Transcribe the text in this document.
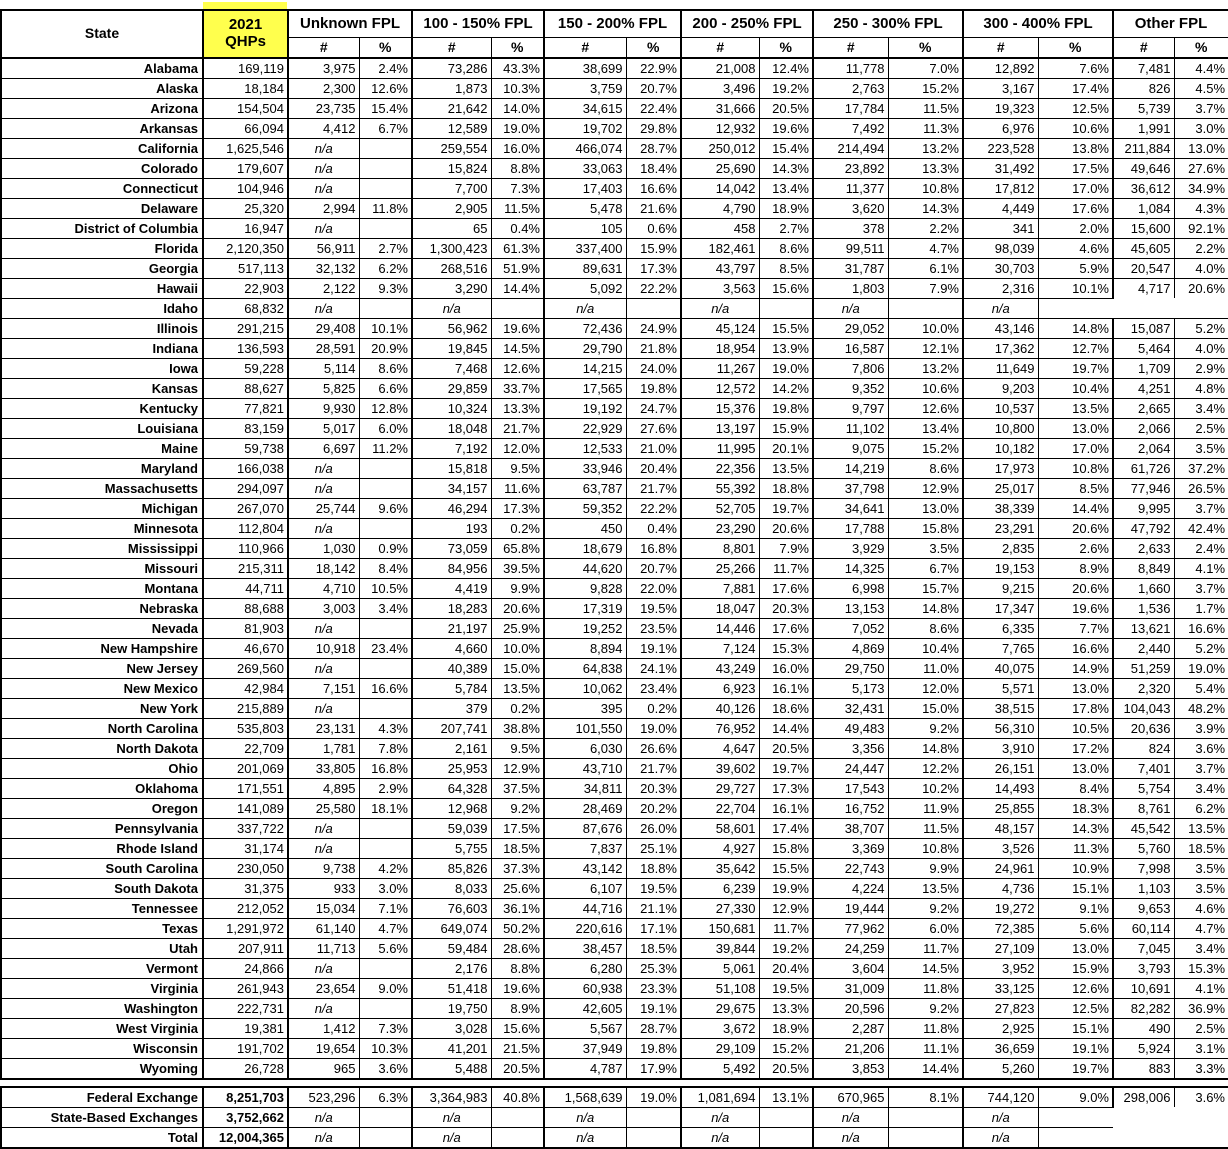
State	2021
QHPs	Unknown FPL		100 - 150% FPL		150 - 200% FPL		200 - 250% FPL		250 - 300% FPL		300 - 400% FPL		Other FPL	
		#	%	#	%	#	%	#	%	#	%	#	%	#	%
Alabama	169,119	3,975	2.4%	73,286	43.3%	38,699	22.9%	21,008	12.4%	11,778	7.0%	12,892	7.6%	7,481	4.4%
Alaska	18,184	2,300	12.6%	1,873	10.3%	3,759	20.7%	3,496	19.2%	2,763	15.2%	3,167	17.4%	826	4.5%
Arizona	154,504	23,735	15.4%	21,642	14.0%	34,615	22.4%	31,666	20.5%	17,784	11.5%	19,323	12.5%	5,739	3.7%
Arkansas	66,094	4,412	6.7%	12,589	19.0%	19,702	29.8%	12,932	19.6%	7,492	11.3%	6,976	10.6%	1,991	3.0%
California	1,625,546	n/a		259,554	16.0%	466,074	28.7%	250,012	15.4%	214,494	13.2%	223,528	13.8%	211,884	13.0%
Colorado	179,607	n/a		15,824	8.8%	33,063	18.4%	25,690	14.3%	23,892	13.3%	31,492	17.5%	49,646	27.6%
Connecticut	104,946	n/a		7,700	7.3%	17,403	16.6%	14,042	13.4%	11,377	10.8%	17,812	17.0%	36,612	34.9%
Delaware	25,320	2,994	11.8%	2,905	11.5%	5,478	21.6%	4,790	18.9%	3,620	14.3%	4,449	17.6%	1,084	4.3%
District of Columbia	16,947	n/a		65	0.4%	105	0.6%	458	2.7%	378	2.2%	341	2.0%	15,600	92.1%
Florida	2,120,350	56,911	2.7%	1,300,423	61.3%	337,400	15.9%	182,461	8.6%	99,511	4.7%	98,039	4.6%	45,605	2.2%
Georgia	517,113	32,132	6.2%	268,516	51.9%	89,631	17.3%	43,797	8.5%	31,787	6.1%	30,703	5.9%	20,547	4.0%
Hawaii	22,903	2,122	9.3%	3,290	14.4%	5,092	22.2%	3,563	15.6%	1,803	7.9%	2,316	10.1%	4,717	20.6%
Idaho	68,832	n/a		n/a		n/a		n/a		n/a		n/a			
Illinois	291,215	29,408	10.1%	56,962	19.6%	72,436	24.9%	45,124	15.5%	29,052	10.0%	43,146	14.8%	15,087	5.2%
Indiana	136,593	28,591	20.9%	19,845	14.5%	29,790	21.8%	18,954	13.9%	16,587	12.1%	17,362	12.7%	5,464	4.0%
Iowa	59,228	5,114	8.6%	7,468	12.6%	14,215	24.0%	11,267	19.0%	7,806	13.2%	11,649	19.7%	1,709	2.9%
Kansas	88,627	5,825	6.6%	29,859	33.7%	17,565	19.8%	12,572	14.2%	9,352	10.6%	9,203	10.4%	4,251	4.8%
Kentucky	77,821	9,930	12.8%	10,324	13.3%	19,192	24.7%	15,376	19.8%	9,797	12.6%	10,537	13.5%	2,665	3.4%
Louisiana	83,159	5,017	6.0%	18,048	21.7%	22,929	27.6%	13,197	15.9%	11,102	13.4%	10,800	13.0%	2,066	2.5%
Maine	59,738	6,697	11.2%	7,192	12.0%	12,533	21.0%	11,995	20.1%	9,075	15.2%	10,182	17.0%	2,064	3.5%
Maryland	166,038	n/a		15,818	9.5%	33,946	20.4%	22,356	13.5%	14,219	8.6%	17,973	10.8%	61,726	37.2%
Massachusetts	294,097	n/a		34,157	11.6%	63,787	21.7%	55,392	18.8%	37,798	12.9%	25,017	8.5%	77,946	26.5%
Michigan	267,070	25,744	9.6%	46,294	17.3%	59,352	22.2%	52,705	19.7%	34,641	13.0%	38,339	14.4%	9,995	3.7%
Minnesota	112,804	n/a		193	0.2%	450	0.4%	23,290	20.6%	17,788	15.8%	23,291	20.6%	47,792	42.4%
Mississippi	110,966	1,030	0.9%	73,059	65.8%	18,679	16.8%	8,801	7.9%	3,929	3.5%	2,835	2.6%	2,633	2.4%
Missouri	215,311	18,142	8.4%	84,956	39.5%	44,620	20.7%	25,266	11.7%	14,325	6.7%	19,153	8.9%	8,849	4.1%
Montana	44,711	4,710	10.5%	4,419	9.9%	9,828	22.0%	7,881	17.6%	6,998	15.7%	9,215	20.6%	1,660	3.7%
Nebraska	88,688	3,003	3.4%	18,283	20.6%	17,319	19.5%	18,047	20.3%	13,153	14.8%	17,347	19.6%	1,536	1.7%
Nevada	81,903	n/a		21,197	25.9%	19,252	23.5%	14,446	17.6%	7,052	8.6%	6,335	7.7%	13,621	16.6%
New Hampshire	46,670	10,918	23.4%	4,660	10.0%	8,894	19.1%	7,124	15.3%	4,869	10.4%	7,765	16.6%	2,440	5.2%
New Jersey	269,560	n/a		40,389	15.0%	64,838	24.1%	43,249	16.0%	29,750	11.0%	40,075	14.9%	51,259	19.0%
New Mexico	42,984	7,151	16.6%	5,784	13.5%	10,062	23.4%	6,923	16.1%	5,173	12.0%	5,571	13.0%	2,320	5.4%
New York	215,889	n/a		379	0.2%	395	0.2%	40,126	18.6%	32,431	15.0%	38,515	17.8%	104,043	48.2%
North Carolina	535,803	23,131	4.3%	207,741	38.8%	101,550	19.0%	76,952	14.4%	49,483	9.2%	56,310	10.5%	20,636	3.9%
North Dakota	22,709	1,781	7.8%	2,161	9.5%	6,030	26.6%	4,647	20.5%	3,356	14.8%	3,910	17.2%	824	3.6%
Ohio	201,069	33,805	16.8%	25,953	12.9%	43,710	21.7%	39,602	19.7%	24,447	12.2%	26,151	13.0%	7,401	3.7%
Oklahoma	171,551	4,895	2.9%	64,328	37.5%	34,811	20.3%	29,727	17.3%	17,543	10.2%	14,493	8.4%	5,754	3.4%
Oregon	141,089	25,580	18.1%	12,968	9.2%	28,469	20.2%	22,704	16.1%	16,752	11.9%	25,855	18.3%	8,761	6.2%
Pennsylvania	337,722	n/a		59,039	17.5%	87,676	26.0%	58,601	17.4%	38,707	11.5%	48,157	14.3%	45,542	13.5%
Rhode Island	31,174	n/a		5,755	18.5%	7,837	25.1%	4,927	15.8%	3,369	10.8%	3,526	11.3%	5,760	18.5%
South Carolina	230,050	9,738	4.2%	85,826	37.3%	43,142	18.8%	35,642	15.5%	22,743	9.9%	24,961	10.9%	7,998	3.5%
South Dakota	31,375	933	3.0%	8,033	25.6%	6,107	19.5%	6,239	19.9%	4,224	13.5%	4,736	15.1%	1,103	3.5%
Tennessee	212,052	15,034	7.1%	76,603	36.1%	44,716	21.1%	27,330	12.9%	19,444	9.2%	19,272	9.1%	9,653	4.6%
Texas	1,291,972	61,140	4.7%	649,074	50.2%	220,616	17.1%	150,681	11.7%	77,962	6.0%	72,385	5.6%	60,114	4.7%
Utah	207,911	11,713	5.6%	59,484	28.6%	38,457	18.5%	39,844	19.2%	24,259	11.7%	27,109	13.0%	7,045	3.4%
Vermont	24,866	n/a		2,176	8.8%	6,280	25.3%	5,061	20.4%	3,604	14.5%	3,952	15.9%	3,793	15.3%
Virginia	261,943	23,654	9.0%	51,418	19.6%	60,938	23.3%	51,108	19.5%	31,009	11.8%	33,125	12.6%	10,691	4.1%
Washington	222,731	n/a		19,750	8.9%	42,605	19.1%	29,675	13.3%	20,596	9.2%	27,823	12.5%	82,282	36.9%
West Virginia	19,381	1,412	7.3%	3,028	15.6%	5,567	28.7%	3,672	18.9%	2,287	11.8%	2,925	15.1%	490	2.5%
Wisconsin	191,702	19,654	10.3%	41,201	21.5%	37,949	19.8%	29,109	15.2%	21,206	11.1%	36,659	19.1%	5,924	3.1%
Wyoming	26,728	965	3.6%	5,488	20.5%	4,787	17.9%	5,492	20.5%	3,853	14.4%	5,260	19.7%	883	3.3%
Federal Exchange	8,251,703	523,296	6.3%	3,364,983	40.8%	1,568,639	19.0%	1,081,694	13.1%	670,965	8.1%	744,120	9.0%	298,006	3.6%
State-Based Exchanges	3,752,662	n/a		n/a		n/a		n/a		n/a		n/a			
Total	12,004,365	n/a		n/a		n/a		n/a		n/a		n/a			
